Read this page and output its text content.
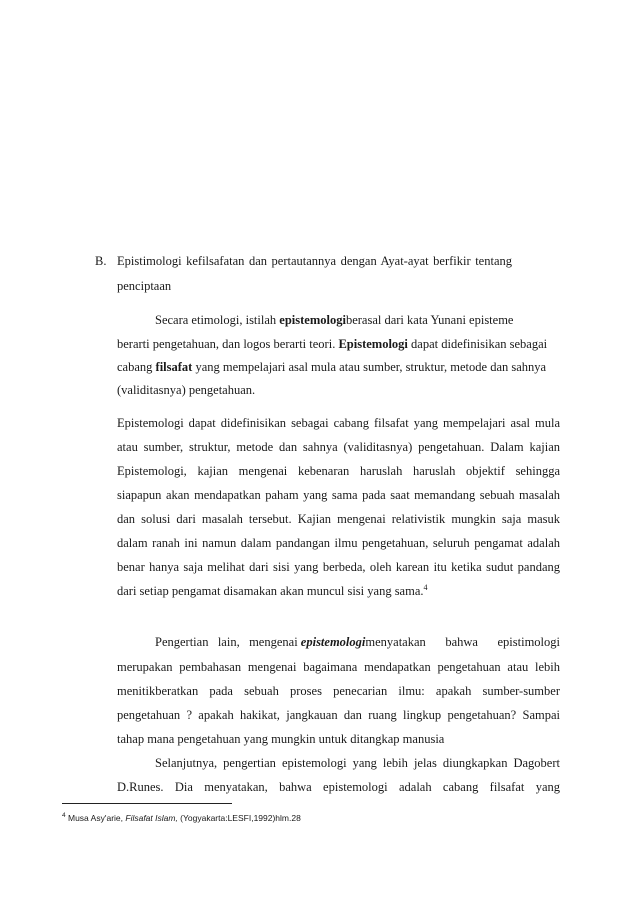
B. Epistimologi kefilsafatan dan pertautannya dengan Ayat-ayat berfikir tentang
penciptaan
Secara etimologi, istilah epistemologiberasal dari kata Yunani episteme
berarti pengetahuan, dan logos berarti teori. Epistemologi dapat didefinisikan sebagai
cabang filsafat yang mempelajari asal mula atau sumber, struktur, metode dan sahnya
(validitasnya) pengetahuan.
Epistemologi dapat didefinisikan sebagai cabang filsafat yang mempelajari asal mula
atau sumber, struktur, metode dan sahnya (validitasnya) pengetahuan. Dalam kajian
Epistemologi, kajian mengenai kebenaran haruslah haruslah objektif sehingga
siapapun akan mendapatkan paham yang sama pada saat memandang sebuah masalah
dan solusi dari masalah tersebut. Kajian mengenai relativistik mungkin saja masuk
dalam ranah ini namun dalam pandangan ilmu pengetahuan, seluruh pengamat adalah
benar hanya saja melihat dari sisi yang berbeda, oleh karean itu ketika sudut pandang
dari setiap pengamat disamakan akan muncul sisi yang sama.$^4$
Pengertian   lain,   mengenai epistemologi menyatakan   bahwa   epistimologi
merupakan pembahasan mengenai bagaimana mendapatkan pengetahuan atau lebih
menitikberatkan pada sebuah proses penecarian ilmu: apakah sumber-sumber
pengetahuan ? apakah hakikat, jangkauan dan ruang lingkup pengetahuan? Sampai
tahap mana pengetahuan yang mungkin untuk ditangkap manusia
Selanjutnya, pengertian epistemologi yang lebih jelas diungkapkan Dagobert
D.Runes. Dia menyatakan, bahwa epistemologi adalah cabang filsafat yang
$^4$ Musa Asy'arie, Filsafat Islam, (Yogyakarta:LESFI,1992)hlm.28
